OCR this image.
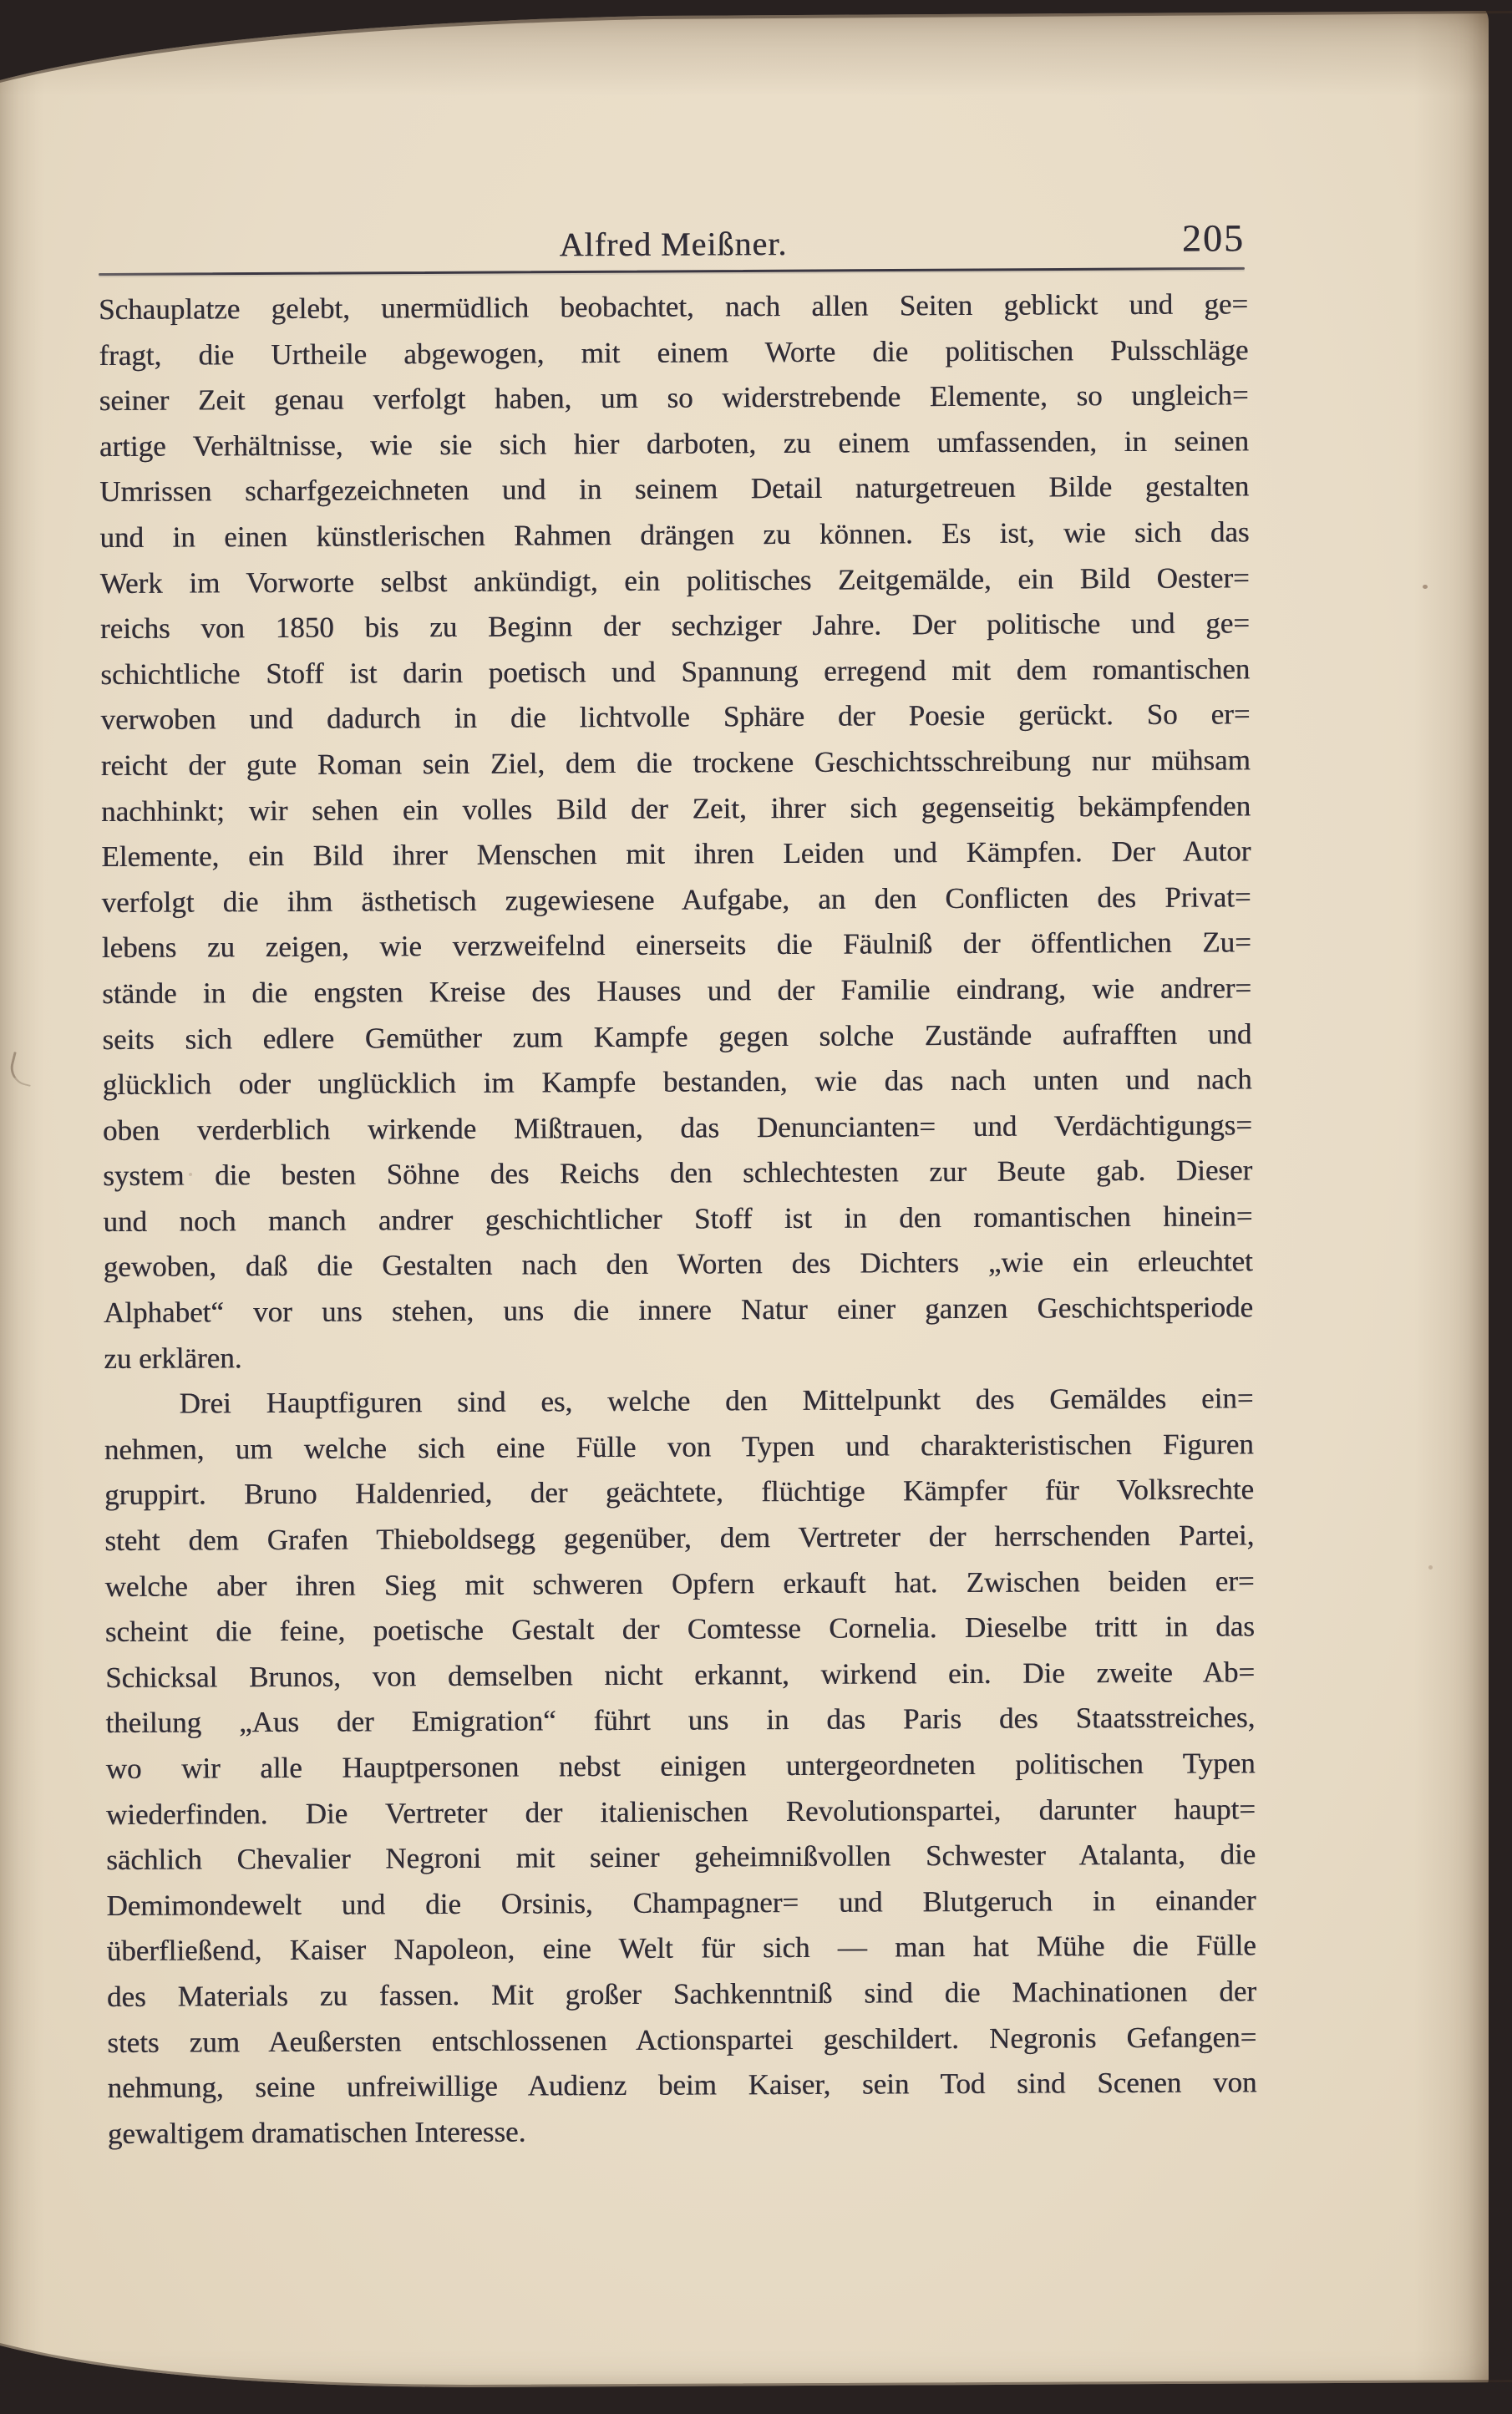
Alfred Meißner.	205
Schauplatze gelebt, unermüdlich beobachtet, nach allen Seiten geblickt und ge=
fragt, die Urtheile abgewogen, mit einem Worte die politischen Pulsschläge
seiner Zeit genau verfolgt haben, um so widerstrebende Elemente, so ungleich=
artige Verhältnisse, wie sie sich hier darboten, zu einem umfassenden, in seinen
Umrissen scharfgezeichneten und in seinem Detail naturgetreuen Bilde gestalten
und in einen künstlerischen Rahmen drängen zu können. Es ist, wie sich das
Werk im Vorworte selbst ankündigt, ein politisches Zeitgemälde, ein Bild Oester=
reichs von 1850 bis zu Beginn der sechziger Jahre. Der politische und ge=
schichtliche Stoff ist darin poetisch und Spannung erregend mit dem romantischen
verwoben und dadurch in die lichtvolle Sphäre der Poesie gerückt. So er=
reicht der gute Roman sein Ziel, dem die trockene Geschichtsschreibung nur mühsam
nachhinkt; wir sehen ein volles Bild der Zeit, ihrer sich gegenseitig bekämpfenden
Elemente, ein Bild ihrer Menschen mit ihren Leiden und Kämpfen. Der Autor
verfolgt die ihm ästhetisch zugewiesene Aufgabe, an den Conflicten des Privat=
lebens zu zeigen, wie verzweifelnd einerseits die Fäulniß der öffentlichen Zu=
stände in die engsten Kreise des Hauses und der Familie eindrang, wie andrer=
seits sich edlere Gemüther zum Kampfe gegen solche Zustände aufrafften und
glücklich oder unglücklich im Kampfe bestanden, wie das nach unten und nach
oben verderblich wirkende Mißtrauen, das Denuncianten= und Verdächtigungs=
system die besten Söhne des Reichs den schlechtesten zur Beute gab. Dieser
und noch manch andrer geschichtlicher Stoff ist in den romantischen hinein=
gewoben, daß die Gestalten nach den Worten des Dichters „wie ein erleuchtet
Alphabet“ vor uns stehen, uns die innere Natur einer ganzen Geschichtsperiode
zu erklären.
Drei Hauptfiguren sind es, welche den Mittelpunkt des Gemäldes ein=
nehmen, um welche sich eine Fülle von Typen und charakteristischen Figuren
gruppirt. Bruno Haldenried, der geächtete, flüchtige Kämpfer für Volksrechte
steht dem Grafen Thieboldsegg gegenüber, dem Vertreter der herrschenden Partei,
welche aber ihren Sieg mit schweren Opfern erkauft hat. Zwischen beiden er=
scheint die feine, poetische Gestalt der Comtesse Cornelia. Dieselbe tritt in das
Schicksal Brunos, von demselben nicht erkannt, wirkend ein. Die zweite Ab=
theilung „Aus der Emigration“ führt uns in das Paris des Staatsstreiches,
wo wir alle Hauptpersonen nebst einigen untergeordneten politischen Typen
wiederfinden. Die Vertreter der italienischen Revolutionspartei, darunter haupt=
sächlich Chevalier Negroni mit seiner geheimnißvollen Schwester Atalanta, die
Demimondewelt und die Orsinis, Champagner= und Blutgeruch in einander
überfließend, Kaiser Napoleon, eine Welt für sich — man hat Mühe die Fülle
des Materials zu fassen. Mit großer Sachkenntniß sind die Machinationen der
stets zum Aeußersten entschlossenen Actionspartei geschildert. Negronis Gefangen=
nehmung, seine unfreiwillige Audienz beim Kaiser, sein Tod sind Scenen von
gewaltigem dramatischen Interesse.
